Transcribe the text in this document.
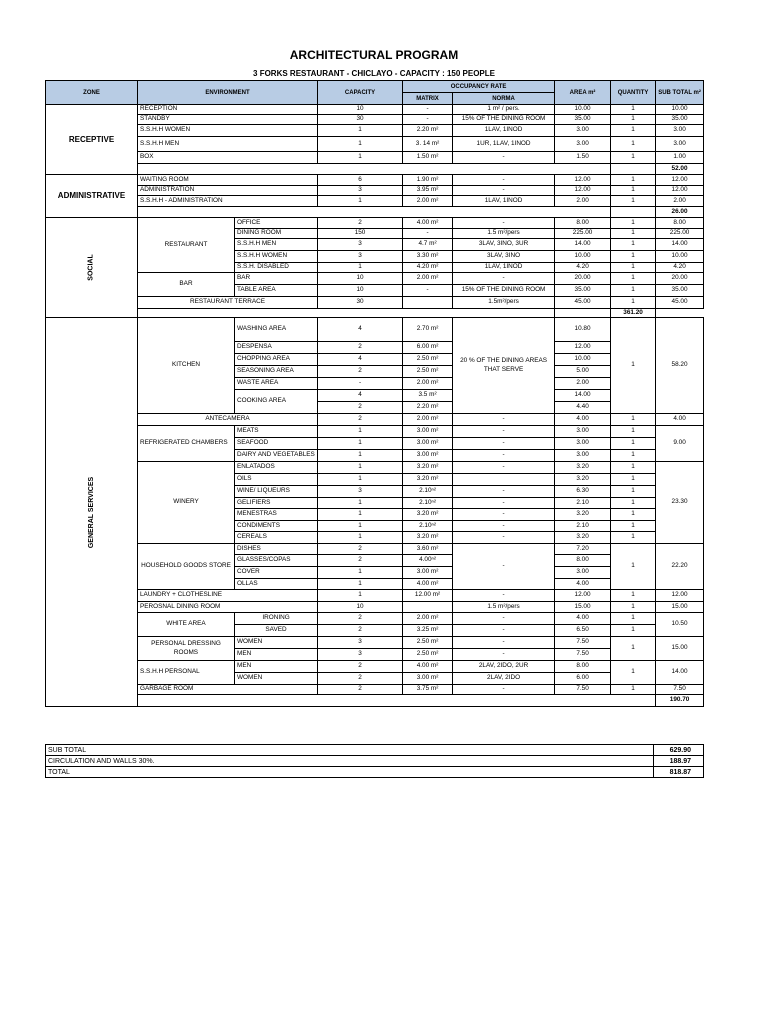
ARCHITECTURAL PROGRAM
3 FORKS RESTAURANT - CHICLAYO - CAPACITY : 150 PEOPLE
ZONE	ENVIRONMENT		CAPACITY	OCCUPANCY RATE		AREA m²	QUANTITY	SUB TOTAL m²
				MATRIX	NORMA			
RECEPTIVE	RECEPTION		10	-	1 m² / pers.	10.00	1	10.00
	STANDBY		30	-	15% OF THE DINING ROOM	35.00	1	35.00
	S.S.H.H WOMEN		1	2.20 m²	1LAV, 1INOD	3.00	1	3.00
	S.S.H.H MEN		1	3. 14 m²	1UR, 1LAV, 1INOD	3.00	1	3.00
	BOX		1	1.50 m²	-	1.50	1	1.00
								52.00
ADMINISTRATIVE	WAITING ROOM		6	1.90 m²	-	12.00	1	12.00
	ADMINISTRATION		3	3.95 m²	-	12.00	1	12.00
	S.S.H.H - ADMINISTRATION		1	2.00 m²	1LAV, 1INOD	2.00	1	2.00
								26.00
SOCIAL	RESTAURANT	OFFICE	2	4.00 m²	-	8.00	1	8.00
		DINING ROOM	150	-	1.5 m²/pers	225.00	1	225.00
		S.S.H.H MEN	3	4.7 m²	3LAV, 3INO, 3UR	14.00	1	14.00
		S.S.H.H WOMEN	3	3.30 m²	3LAV, 3INO	10.00	1	10.00
		S.S.H. DISABLED	1	4.20 m²	1LAV, 1INOD	4.20	1	4.20
	BAR	BAR	10	2.00 m²	-	20.00	1	20.00
		TABLE AREA	10	-	15% OF THE DINING ROOM	35.00	1	35.00
	RESTAURANT TERRACE		30		1.5m²/pers	45.00	1	45.00
							361.20	
GENERAL SERVICES	KITCHEN	WASHING AREA	4	2.70 m²	20 % OF THE DINING AREAS THAT SERVE	10.80	1	58.20
		DESPENSA	2	6.00 m²		12.00		
		CHOPPING AREA	4	2.50 m²		10.00		
		SEASONING AREA	2	2.50 m²		5.00		
		WASTE AREA	-	2.00 m²		2.00		
		COOKING AREA	4	3.5 m²		14.00		
			2	2.20 m²		4.40		
	ANTECAMERA		2	2.00 m²	-	4.00	1	4.00
	REFRIGERATED CHAMBERS	MEATS	1	3.00 m²	-	3.00	1	9.00
		SEAFOOD	1	3.00 m²	-	3.00	1	
		DAIRY AND VEGETABLES	1	3.00 m²	-	3.00	1	
	WINERY	ENLATADOS	1	3.20 m²	-	3.20	1	23.30
		OILS	1	3.20 m²		3.20	1	
		WINE/ LIQUEURS	3	2.10ⁿ²	-	6.30	1	
		GELIFIERS	1	2.10ⁿ²	-	2.10	1	
		MENESTRAS	1	3.20 m²	-	3.20	1	
		CONDIMENTS	1	2.10ⁿ²	-	2.10	1	
		CEREALS	1	3.20 m²	-	3.20	1	
	HOUSEHOLD GOODS STORE	DISHES	2	3.60 m²	-	7.20	1	22.20
		GLASSES/COPAS	2	4.00ⁿ²		8.00		
		COVER	1	3.00 m²		3.00		
		OLLAS	1	4.00 m²		4.00		
	LAUNDRY + CLOTHESLINE		1	12.00 m²	-	12.00	1	12.00
	PEROSNAL DINING ROOM		10		1.5 m²/pers	15.00	1	15.00
	WHITE AREA	IRONING	2	2.00 m²	-	4.00	1	10.50
		SAVED	2	3.25 m²	-	6.50	1	
	PERSONAL DRESSING ROOMS	WOMEN	3	2.50 m²	-	7.50	1	15.00
		MEN	3	2.50 m²	-	7.50		
	S.S.H.H PERSONAL	MEN	2	4.00 m²	2LAV, 2IDO, 2UR	8.00	1	14.00
		WOMEN	2	3.00 m²	2LAV, 2IDO	6.00		
	GARBAGE ROOM		2	3.75 m²	-	7.50	1	7.50
								190.70
SUB TOTAL	629.90
CIRCULATION AND WALLS 30%.	188.97
TOTAL	818.87
